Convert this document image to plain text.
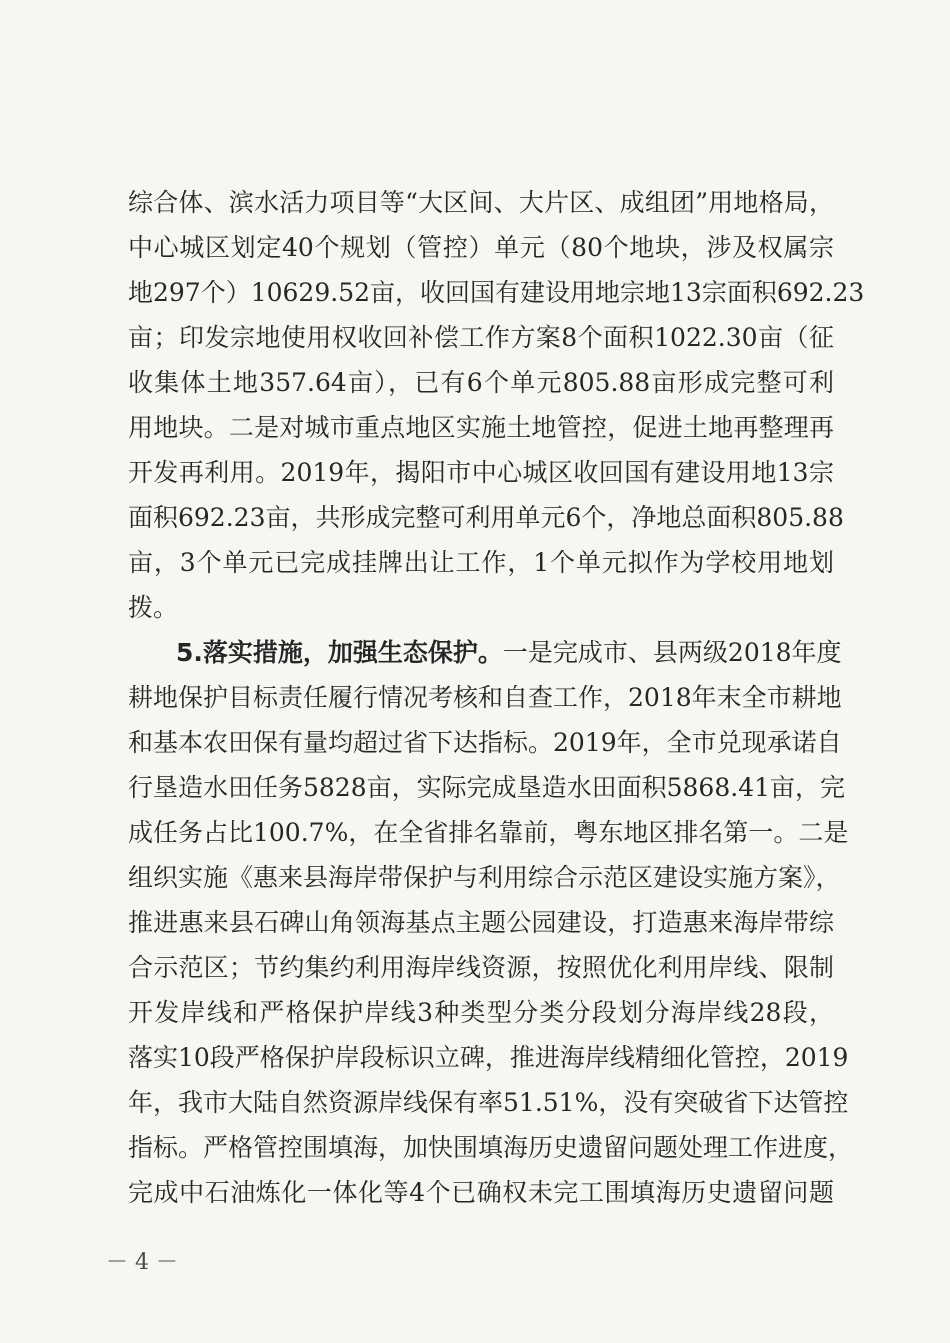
综合体、滨水活力项目等“大区间、大片区、成组团”用地格局，
中心城区划定40个规划（管控）单元（80个地块，涉及权属宗
地297个）10629.52亩，收回国有建设用地宗地13宗面积692.23
亩；印发宗地使用权收回补偿工作方案8个面积1022.30亩（征
收集体土地357.64亩），已有6个单元805.88亩形成完整可利
用地块。二是对城市重点地区实施土地管控，促进土地再整理再
开发再利用。2019年，揭阳市中心城区收回国有建设用地13宗
面积692.23亩，共形成完整可利用单元6个，净地总面积805.88
亩，3个单元已完成挂牌出让工作，1个单元拟作为学校用地划
拨。
5.落实措施，加强生态保护。一是完成市、县两级2018年度
耕地保护目标责任履行情况考核和自查工作，2018年末全市耕地
和基本农田保有量均超过省下达指标。2019年，全市兑现承诺自
行垦造水田任务5828亩，实际完成垦造水田面积5868.41亩，完
成任务占比100.7%，在全省排名靠前，粤东地区排名第一。二是
组织实施《惠来县海岸带保护与利用综合示范区建设实施方案》，
推进惠来县石碑山角领海基点主题公园建设，打造惠来海岸带综
合示范区；节约集约利用海岸线资源，按照优化利用岸线、限制
开发岸线和严格保护岸线3种类型分类分段划分海岸线28段，
落实10段严格保护岸段标识立碑，推进海岸线精细化管控，2019
年，我市大陆自然资源岸线保有率51.51%，没有突破省下达管控
指标。严格管控围填海，加快围填海历史遗留问题处理工作进度，
完成中石油炼化一体化等4个已确权未完工围填海历史遗留问题
－ 4 －
